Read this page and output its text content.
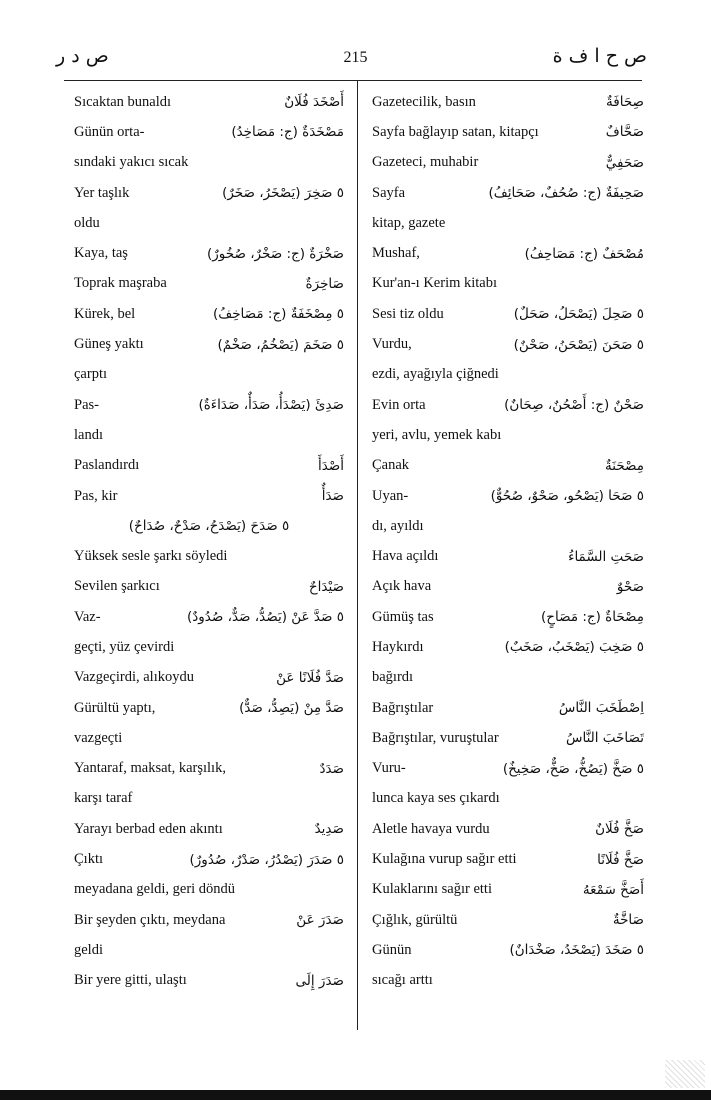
ص د ر	215	ص ح ا ف ة
Sıcaktan bunaldı	أَصْخَدَ فُلَانٌ
Günün orta-	مَصْخَدَةٌ (ج: مَصَاخِدُ)
sındaki yakıcı sıcak
Yer taşlık	٥ صَخِرَ (يَصْخَرُ، صَخَرٌ)
oldu
Kaya, taş	صَخْرَةٌ (ج: صَخْرٌ، صُخُورٌ)
Toprak maşraba	صَاخِرَةٌ
Kürek, bel	٥ مِصْخَفَةٌ (ج: مَصَاخِفُ)
Güneş yaktı	٥ صَخَمَ (يَصْخُمُ، صَخْمٌ)
çarptı
Pas-	صَدِئَ (يَصْدَأُ، صَدَأٌ، صَدَاءَةٌ)
landı
Paslandırdı	أَصْدَأَ
Pas, kir	صَدَأٌ
٥ صَدَحَ (يَصْدَحُ، صَدْحٌ، صُدَاحٌ)
Yüksek sesle şarkı söyledi
Sevilen şarkıcı	صَيْدَاحٌ
Vaz-	٥ صَدَّ عَنْ (يَصُدُّ، صَدٌّ، صُدُودٌ)
geçti, yüz çevirdi
Vazgeçirdi, alıkoydu	صَدَّ فُلَانًا عَنْ
Gürültü yaptı,	صَدَّ مِنْ (يَصِدُّ، صَدٌّ)
vazgeçti
Yantaraf, maksat, karşılık,	صَدَدٌ
karşı taraf
Yarayı berbad eden akıntı	صَدِيدٌ
Çıktı	٥ صَدَرَ (يَصْدُرُ، صَدْرٌ، صُدُورٌ)
meyadana geldi, geri döndü
Bir şeyden çıktı, meydana	صَدَرَ عَنْ
geldi
Bir yere gitti, ulaştı	صَدَرَ إِلَى
Gazetecilik, basın	صِحَافَةٌ
Sayfa bağlayıp satan, kitapçı	صَحَّافٌ
Gazeteci, muhabir	صَحَفِيٌّ
Sayfa	صَحِيفَةٌ (ج: صُحُفٌ، صَحَائِفُ)
kitap, gazete
Mushaf,	مُصْحَفٌ (ج: مَصَاحِفُ)
Kur'an-ı Kerim kitabı
Sesi tiz oldu	٥ صَحِلَ (يَصْحَلُ، صَحَلٌ)
Vurdu,	٥ صَحَنَ (يَصْحَنُ، صَحْنٌ)
ezdi, ayağıyla çiğnedi
Evin orta	صَحْنٌ (ج: أَصْحُنٌ، صِحَانٌ)
yeri, avlu, yemek kabı
Çanak	مِصْحَنَةٌ
Uyan-	٥ صَحَا (يَصْحُو، صَحْوٌ، صُحُوٌّ)
dı, ayıldı
Hava açıldı	صَحَتِ السَّمَاءُ
Açık hava	صَحْوٌ
Gümüş tas	مِصْحَاةٌ (ج: مَصَاحٍ)
Haykırdı	٥ صَخِبَ (يَصْخَبُ، صَخَبٌ)
bağırdı
Bağrıştılar	اِصْطَخَبَ النَّاسُ
Bağrıştılar, vuruştular	تَصَاخَبَ النَّاسُ
Vuru-	٥ صَخَّ (يَصُخُّ، صَخٌّ، صَخِيخٌ)
lunca kaya ses çıkardı
Aletle havaya vurdu	صَخَّ فُلَانٌ
Kulağına vurup sağır etti	صَخَّ فُلَانًا
Kulaklarını sağır etti	أَصَخَّ سَمْعَهُ
Çığlık, gürültü	صَاخَّةٌ
Günün	٥ صَخَدَ (يَصْخَدُ، صَخْدَانٌ)
sıcağı arttı
